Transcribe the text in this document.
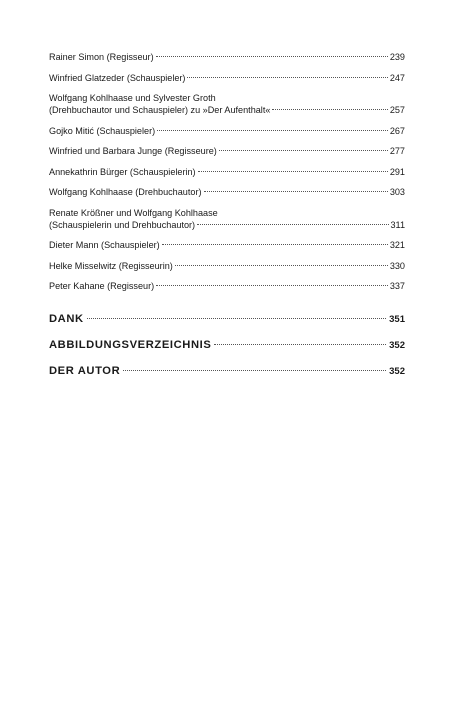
Rainer Simon (Regisseur)	239
Winfried Glatzeder (Schauspieler)	247
Wolfgang Kohlhaase und Sylvester Groth
(Drehbuchautor und Schauspieler) zu »Der Aufenthalt«	257
Gojko Mitić (Schauspieler)	267
Winfried und Barbara Junge (Regisseure)	277
Annekathrin Bürger (Schauspielerin)	291
Wolfgang Kohlhaase (Drehbuchautor)	303
Renate Krößner und Wolfgang Kohlhaase
(Schauspielerin und Drehbuchautor)	311
Dieter Mann (Schauspieler)	321
Helke Misselwitz (Regisseurin)	330
Peter Kahane (Regisseur)	337
DANK	351
ABBILDUNGSVERZEICHNIS	352
DER AUTOR	352
